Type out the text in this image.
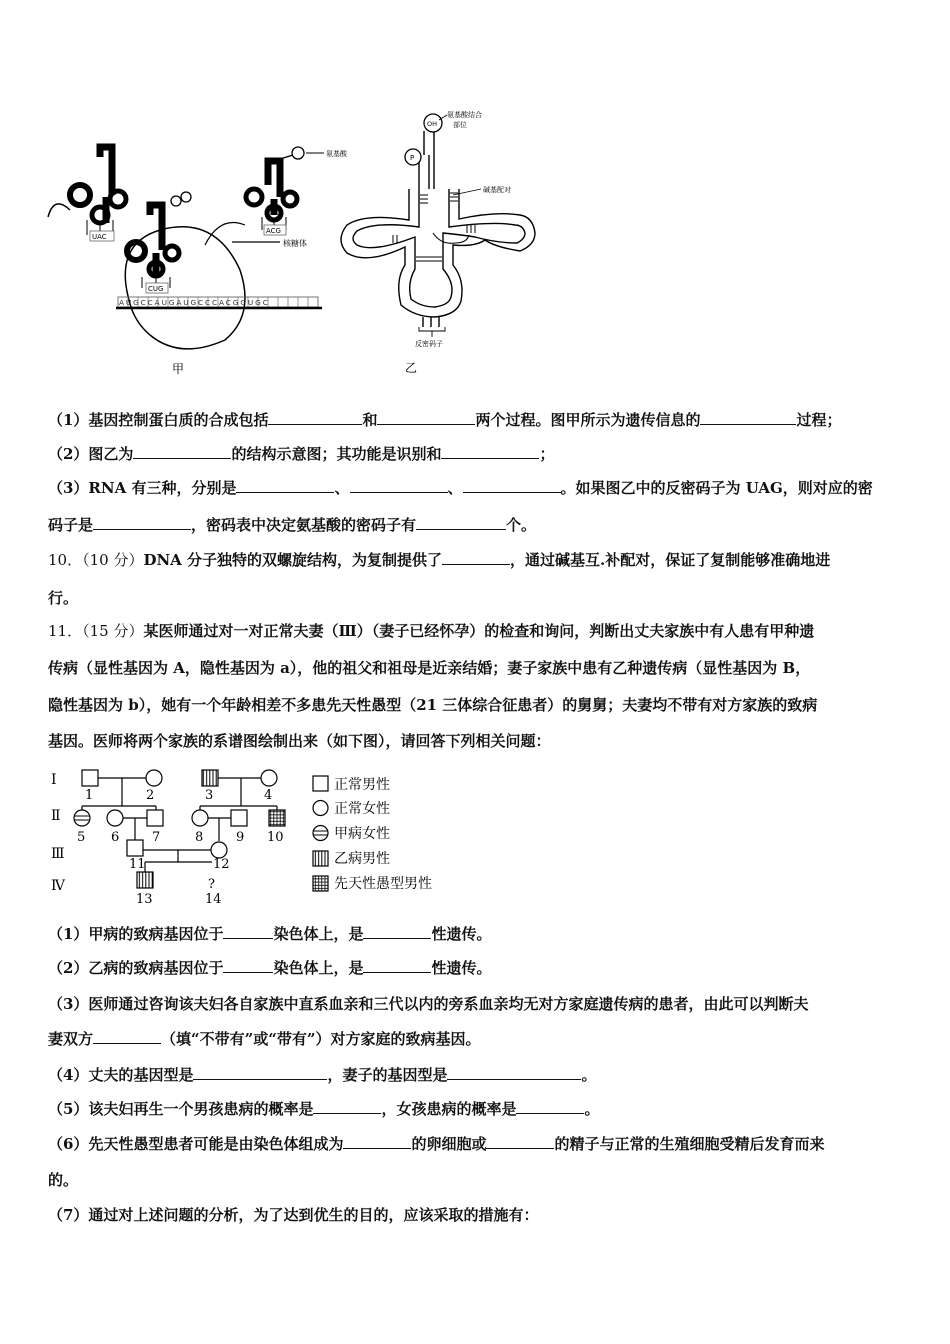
UAC
核糖体
CUG
氨基酸
ACG
AUGCCAUGAUGCCCACGGUGC
甲
OH
P
氨基酸结合
部位
碱基配对
反密码子
乙
（1）基因控制蛋白质的合成包括	和	两个过程。图甲所示为遗传信息的	过程；
（2）图乙为	的结构示意图；其功能是识别和	；
（3）RNA 有三种，分别是	、	、	。如果图乙中的反密码子为 UAG，则对应的密
码子是	，密码表中决定氨基酸的密码子有	个。
10．（10 分）DNA 分子独特的双螺旋结构，为复制提供了	，通过碱基互.补配对，保证了复制能够准确地进
行。
11．（15 分）某医师通过对一对正常夫妻（Ⅲ）（妻子已经怀孕）的检查和询问，判断出丈夫家族中有人患有甲种遗
传病（显性基因为 A，隐性基因为 a），他的祖父和祖母是近亲结婚；妻子家族中患有乙种遗传病（显性基因为 B，
隐性基因为 b），她有一个年龄相差不多患先天性愚型（21 三体综合征患者）的舅舅；夫妻均不带有对方家族的致病
基因。医师将两个家族的系谱图绘制出来（如下图），请回答下列相关问题：
Ⅰ
Ⅱ
Ⅲ
Ⅳ
1	2	3	4
5 6	7	8	9 10
11	12
13
?
14
正常男性
正常女性
甲病女性
乙病男性
先天性愚型男性
（1）甲病的致病基因位于	染色体上，是	性遗传。
（2）乙病的致病基因位于	染色体上，是	性遗传。
（3）医师通过咨询该夫妇各自家族中直系血亲和三代以内的旁系血亲均无对方家庭遗传病的患者，由此可以判断夫
妻双方	（填“不带有”或“带有”）对方家庭的致病基因。
（4）丈夫的基因型是	，妻子的基因型是	。
（5）该夫妇再生一个男孩患病的概率是	，女孩患病的概率是	。
（6）先天性愚型患者可能是由染色体组成为	的卵细胞或	的精子与正常的生殖细胞受精后发育而来
的。
（7）通过对上述问题的分析，为了达到优生的目的，应该采取的措施有：
